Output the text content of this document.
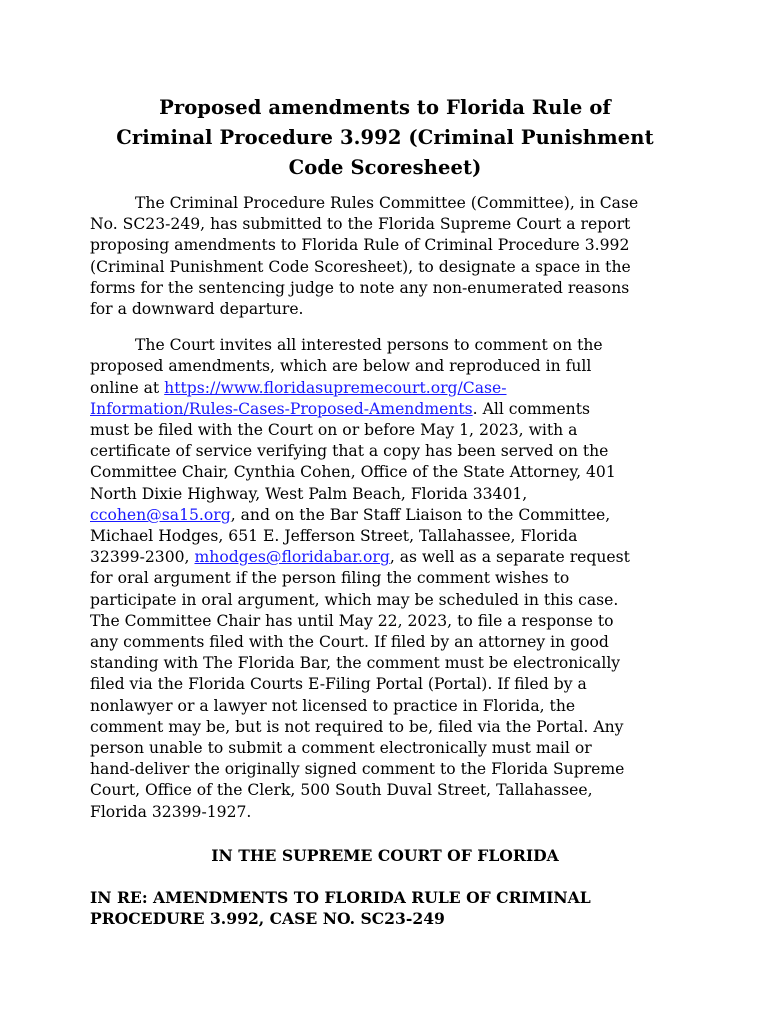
Proposed amendments to Florida Rule of
Criminal Procedure 3.992 (Criminal Punishment
Code Scoresheet)

The Criminal Procedure Rules Committee (Committee), in Case
No. SC23-249, has submitted to the Florida Supreme Court a report
proposing amendments to Florida Rule of Criminal Procedure 3.992
(Criminal Punishment Code Scoresheet), to designate a space in the
forms for the sentencing judge to note any non-enumerated reasons
for a downward departure.

The Court invites all interested persons to comment on the
proposed amendments, which are below and reproduced in full
online at https://www.floridasupremecourt.org/Case-
Information/Rules-Cases-Proposed-Amendments. All comments
must be filed with the Court on or before May 1, 2023, with a
certificate of service verifying that a copy has been served on the
Committee Chair, Cynthia Cohen, Office of the State Attorney, 401
North Dixie Highway, West Palm Beach, Florida 33401,
ccohen@sa15.org, and on the Bar Staff Liaison to the Committee,
Michael Hodges, 651 E. Jefferson Street, Tallahassee, Florida
32399-2300, mhodges@floridabar.org, as well as a separate request
for oral argument if the person filing the comment wishes to
participate in oral argument, which may be scheduled in this case.
The Committee Chair has until May 22, 2023, to file a response to
any comments filed with the Court. If filed by an attorney in good
standing with The Florida Bar, the comment must be electronically
filed via the Florida Courts E-Filing Portal (Portal). If filed by a
nonlawyer or a lawyer not licensed to practice in Florida, the
comment may be, but is not required to be, filed via the Portal. Any
person unable to submit a comment electronically must mail or
hand-deliver the originally signed comment to the Florida Supreme
Court, Office of the Clerk, 500 South Duval Street, Tallahassee,
Florida 32399-1927.

IN THE SUPREME COURT OF FLORIDA
IN RE: AMENDMENTS TO FLORIDA RULE OF CRIMINAL
PROCEDURE 3.992, CASE NO. SC23-249
